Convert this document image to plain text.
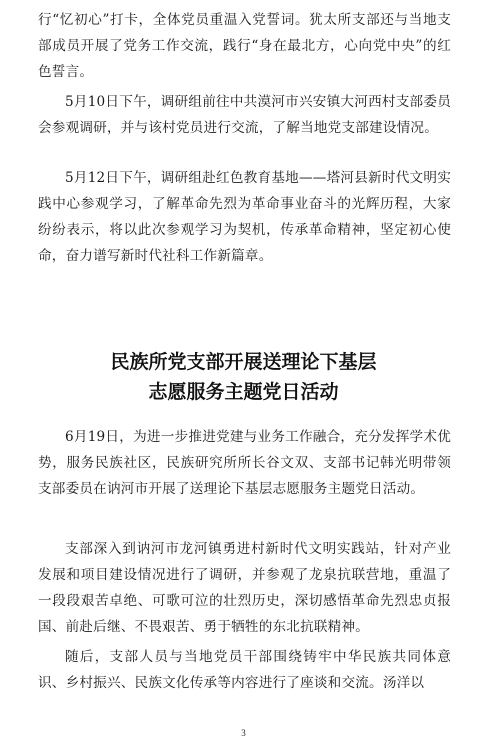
行“忆初心”打卡，全体党员重温入党誓词。犹太所支部还与当地支部成员开展了党务工作交流，践行“身在最北方，心向党中央”的红色誓言。

5月10日下午，调研组前往中共漠河市兴安镇大河西村支部委员会参观调研，并与该村党员进行交流，了解当地党支部建设情况。

5月12日下午，调研组赴红色教育基地——塔河县新时代文明实践中心参观学习，了解革命先烈为革命事业奋斗的光辉历程，大家纷纷表示，将以此次参观学习为契机，传承革命精神，坚定初心使命，奋力谱写新时代社科工作新篇章。

民族所党支部开展送理论下基层
志愿服务主题党日活动

6月19日，为进一步推进党建与业务工作融合，充分发挥学术优势，服务民族社区，民族研究所所长谷文双、支部书记韩光明带领支部委员在讷河市开展了送理论下基层志愿服务主题党日活动。

支部深入到讷河市龙河镇勇进村新时代文明实践站，针对产业发展和项目建设情况进行了调研，并参观了龙泉抗联营地，重温了一段段艰苦卓绝、可歌可泣的壮烈历史，深切感悟革命先烈忠贞报国、前赴后继、不畏艰苦、勇于牺牲的东北抗联精神。

随后，支部人员与当地党员干部围绕铸牢中华民族共同体意识、乡村振兴、民族文化传承等内容进行了座谈和交流。汤洋以

3
